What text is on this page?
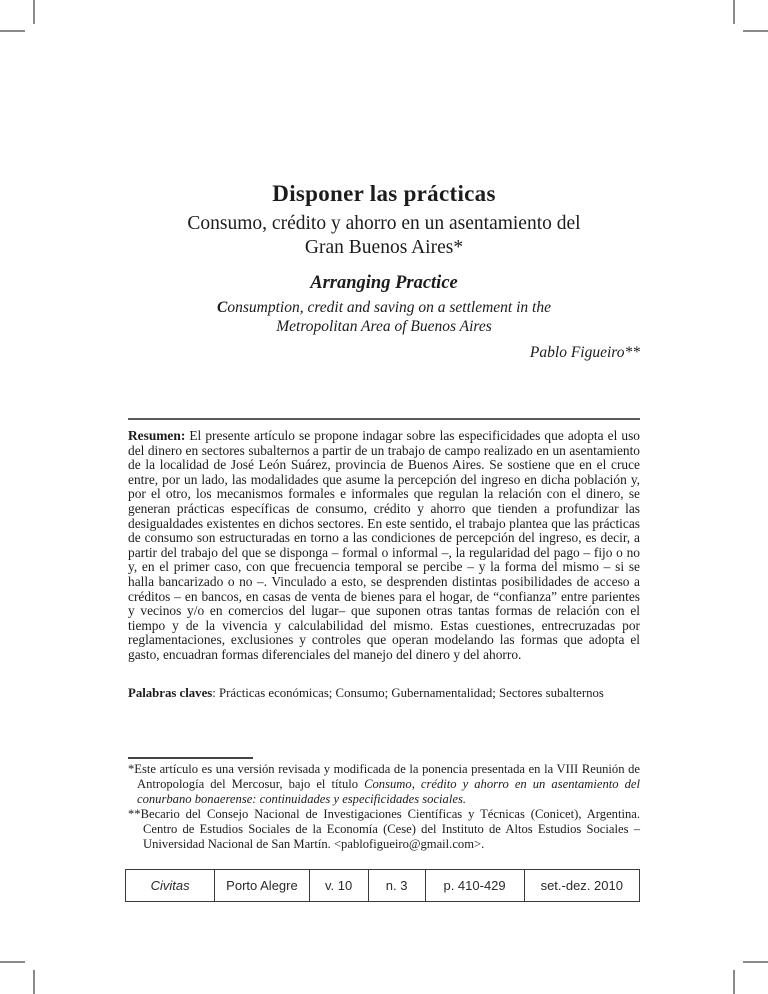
Disponer las prácticas
Consumo, crédito y ahorro en un asentamiento del
Gran Buenos Aires*
Arranging Practice
Consumption, credit and saving on a settlement in the
Metropolitan Area of Buenos Aires
Pablo Figueiro**
Resumen: El presente artículo se propone indagar sobre las especificidades que adopta el uso del dinero en sectores subalternos a partir de un trabajo de campo realizado en un asentamiento de la localidad de José León Suárez, provincia de Buenos Aires. Se sostiene que en el cruce entre, por un lado, las modalidades que asume la percepción del ingreso en dicha población y, por el otro, los mecanismos formales e informales que regulan la relación con el dinero, se generan prácticas específicas de consumo, crédito y ahorro que tienden a profundizar las desigualdades existentes en dichos sectores. En este sentido, el trabajo plantea que las prácticas de consumo son estructuradas en torno a las condiciones de percepción del ingreso, es decir, a partir del trabajo del que se disponga – formal o informal –, la regularidad del pago – fijo o no y, en el primer caso, con que frecuencia temporal se percibe – y la forma del mismo – si se halla bancarizado o no –. Vinculado a esto, se desprenden distintas posibilidades de acceso a créditos – en bancos, en casas de venta de bienes para el hogar, de “confianza” entre parientes y vecinos y/o en comercios del lugar– que suponen otras tantas formas de relación con el tiempo y de la vivencia y calculabilidad del mismo. Estas cuestiones, entrecruzadas por reglamentaciones, exclusiones y controles que operan modelando las formas que adopta el gasto, encuadran formas diferenciales del manejo del dinero y del ahorro.
Palabras claves: Prácticas económicas; Consumo; Gubernamentalidad; Sectores subalternos

*Este artículo es una versión revisada y modificada de la ponencia presentada en la VIII Reunión de Antropología del Mercosur, bajo el título Consumo, crédito y ahorro en un asentamiento del conurbano bonaerense: continuidades y especificidades sociales.

**Becario del Consejo Nacional de Investigaciones Científicas y Técnicas (Conicet), Argentina. Centro de Estudios Sociales de la Economía (Cese) del Instituto de Altos Estudios Sociales – Universidad Nacional de San Martín. <pablofigueiro@gmail.com>.

Civitas	Porto Alegre	v. 10	n. 3	p. 410-429	set.-dez. 2010
